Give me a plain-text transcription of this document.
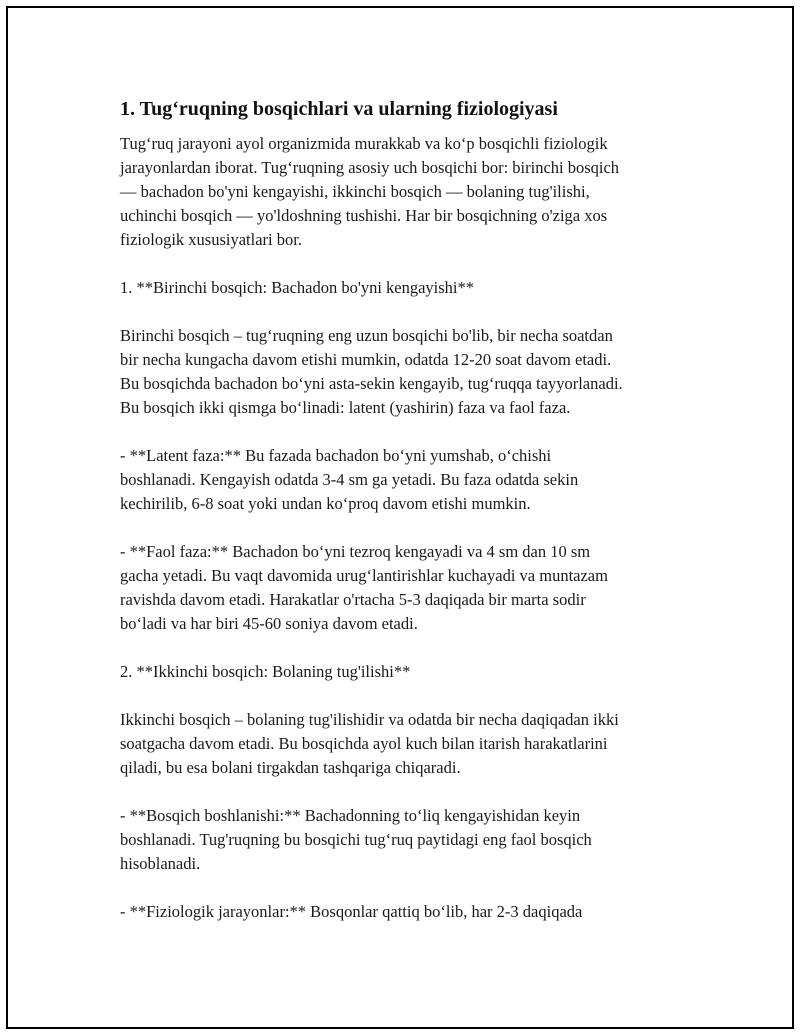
1. Tug‘ruqning bosqichlari va ularning fiziologiyasi

Tug‘ruq jarayoni ayol organizmida murakkab va ko‘p bosqichli fiziologik
jarayonlardan iborat. Tug‘ruqning asosiy uch bosqichi bor: birinchi bosqich
— bachadon bo'yni kengayishi, ikkinchi bosqich — bolaning tug'ilishi,
uchinchi bosqich — yo'ldoshning tushishi. Har bir bosqichning o'ziga xos
fiziologik xususiyatlari bor.

1. **Birinchi bosqich: Bachadon bo'yni kengayishi**

Birinchi bosqich – tug‘ruqning eng uzun bosqichi bo'lib, bir necha soatdan
bir necha kungacha davom etishi mumkin, odatda 12-20 soat davom etadi.
Bu bosqichda bachadon bo‘yni asta-sekin kengayib, tug‘ruqqa tayyorlanadi.
Bu bosqich ikki qismga bo‘linadi: latent (yashirin) faza va faol faza.

- **Latent faza:** Bu fazada bachadon bo‘yni yumshab, o‘chishi
boshlanadi. Kengayish odatda 3-4 sm ga yetadi. Bu faza odatda sekin
kechirilib, 6-8 soat yoki undan ko‘proq davom etishi mumkin.

- **Faol faza:** Bachadon bo‘yni tezroq kengayadi va 4 sm dan 10 sm
gacha yetadi. Bu vaqt davomida urug‘lantirishlar kuchayadi va muntazam
ravishda davom etadi. Harakatlar o'rtacha 5-3 daqiqada bir marta sodir
bo‘ladi va har biri 45-60 soniya davom etadi.

2. **Ikkinchi bosqich: Bolaning tug'ilishi**

Ikkinchi bosqich – bolaning tug'ilishidir va odatda bir necha daqiqadan ikki
soatgacha davom etadi. Bu bosqichda ayol kuch bilan itarish harakatlarini
qiladi, bu esa bolani tirgakdan tashqariga chiqaradi.

- **Bosqich boshlanishi:** Bachadonning to‘liq kengayishidan keyin
boshlanadi. Tug'ruqning bu bosqichi tug‘ruq paytidagi eng faol bosqich
hisoblanadi.

- **Fiziologik jarayonlar:** Bosqonlar qattiq bo‘lib, har 2-3 daqiqada
